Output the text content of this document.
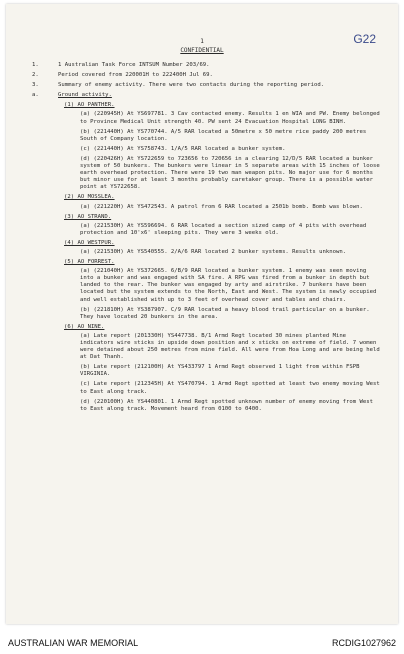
G22
1
CONFIDENTIAL
1.	1 Australian Task Force INTSUM Number 203/69.
2.	Period covered from 220001H to 222400H Jul 69.
3.	Summary of enemy activity. There were two contacts during the reporting period.
a.	Ground activity.
(1) AO PANTHER.
(a) (220945H) At YS697781. 3 Cav contacted enemy. Results 1 en WIA and PW. Enemy belonged to Province Medical Unit strength 40. PW sent 24 Evacuation Hospital LONG BINH.
(b) (221440H) At YS770744. A/5 RAR located a 50metre x 50 metre rice paddy 200 metres South of Company location.
(c) (221440H) At YS758743. 1/A/5 RAR located a bunker system.
(d) (220426H) At YS722659 to 723656 to 720656 in a clearing 12/D/5 RAR located a bunker system of 50 bunkers. The bunkers were linear in 5 separate areas with 15 inches of loose earth overhead protection. There were 19 two man weapon pits. No major use for 6 months but minor use for at least 3 months probably caretaker group. There is a possible water point at YS722658.
(2) AO MOSSLEA.
(a) (221220H) At YS472543. A patrol from 6 RAR located a 2501b bomb. Bomb was blown.
(3) AO STRAND.
(a) (221530H) At YS596694. 6 RAR located a section sized camp of 4 pits with overhead protection and 10'x6' sleeping pits. They were 3 weeks old.
(4) AO WESTPUR.
(a) (221530H) At YS540555. 2/A/6 RAR located 2 bunker systems. Results unknown.
(5) AO FORREST.
(a) (221040H) At YS372665. 6/B/9 RAR located a bunker system. 1 enemy was seen moving into a bunker and was engaged with SA fire. A RPG was fired from a bunker in depth but landed to the rear. The bunker was engaged by arty and airstrike. 7 bunkers have been located but the system extends to the North, East and West. The system is newly occupied and well established with up to 3 feet of overhead cover and tables and chairs.
(b) (221810H) At YS387907. C/9 RAR located a heavy blood trail particular on a bunker. They have located 20 bunkers in the area.
(6) AO NINE.
(a) Late report (201330H) YS447738. B/1 Armd Regt located 30 mines planted Mine indicators wire sticks in upside down position and x sticks on extreme of field. 7 women were detained about 250 metres from mine field. All were from Hoa Long and are being held at Dat Thanh.
(b) Late report (212100H) At YS433797 1 Armd Regt observed 1 light from within FSPB VIRGINIA.
(c) Late report (212345H) At YS470794. 1 Armd Regt spotted at least two enemy moving West to East along track.
(d) (220100H) At YS440801. 1 Armd Regt spotted unknown number of enemy moving from West to East along track. Movement heard from 0100 to 0400.
AUSTRALIAN WAR MEMORIAL	RCDIG1027962
